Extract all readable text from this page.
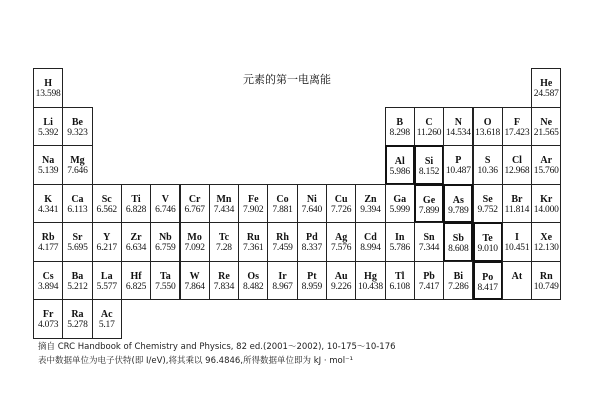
H
13.598
He
24.587
Li
5.392
Be
9.323
B
8.298
C
11.260
N
14.534
O
13.618
F
17.423
Ne
21.565
Na
5.139
Mg
7.646
Al
5.986
Si
8.152
P
10.487
S
10.36
Cl
12.968
Ar
15.760
K
4.341
Ca
6.113
Sc
6.562
Ti
6.828
V
6.746
Cr
6.767
Mn
7.434
Fe
7.902
Co
7.881
Ni
7.640
Cu
7.726
Zn
9.394
Ga
5.999
Ge
7.899
As
9.789
Se
9.752
Br
11.814
Kr
14.000
Rb
4.177
Sr
5.695
Y
6.217
Zr
6.634
Nb
6.759
Mo
7.092
Tc
7.28
Ru
7.361
Rh
7.459
Pd
8.337
Ag
7.576
Cd
8.994
In
5.786
Sn
7.344
Sb
8.608
Te
9.010
I
10.451
Xe
12.130
Cs
3.894
Ba
5.212
La
5.577
Hf
6.825
Ta
7.550
W
7.864
Re
7.834
Os
8.482
Ir
8.967
Pt
8.959
Au
9.226
Hg
10.438
Tl
6.108
Pb
7.417
Bi
7.286
Po
8.417
At	Rn
10.749
Fr
4.073
Ra
5.278
Ac
5.17
元素的第一电离能
摘自 CRC Handbook of Chemistry and Physics, 82 ed.(2001～2002), 10-175～10-176
表中数据单位为电子伏特(即 I/eV),将其乘以 96.4846,所得数据单位即为 kJ · mol⁻¹
